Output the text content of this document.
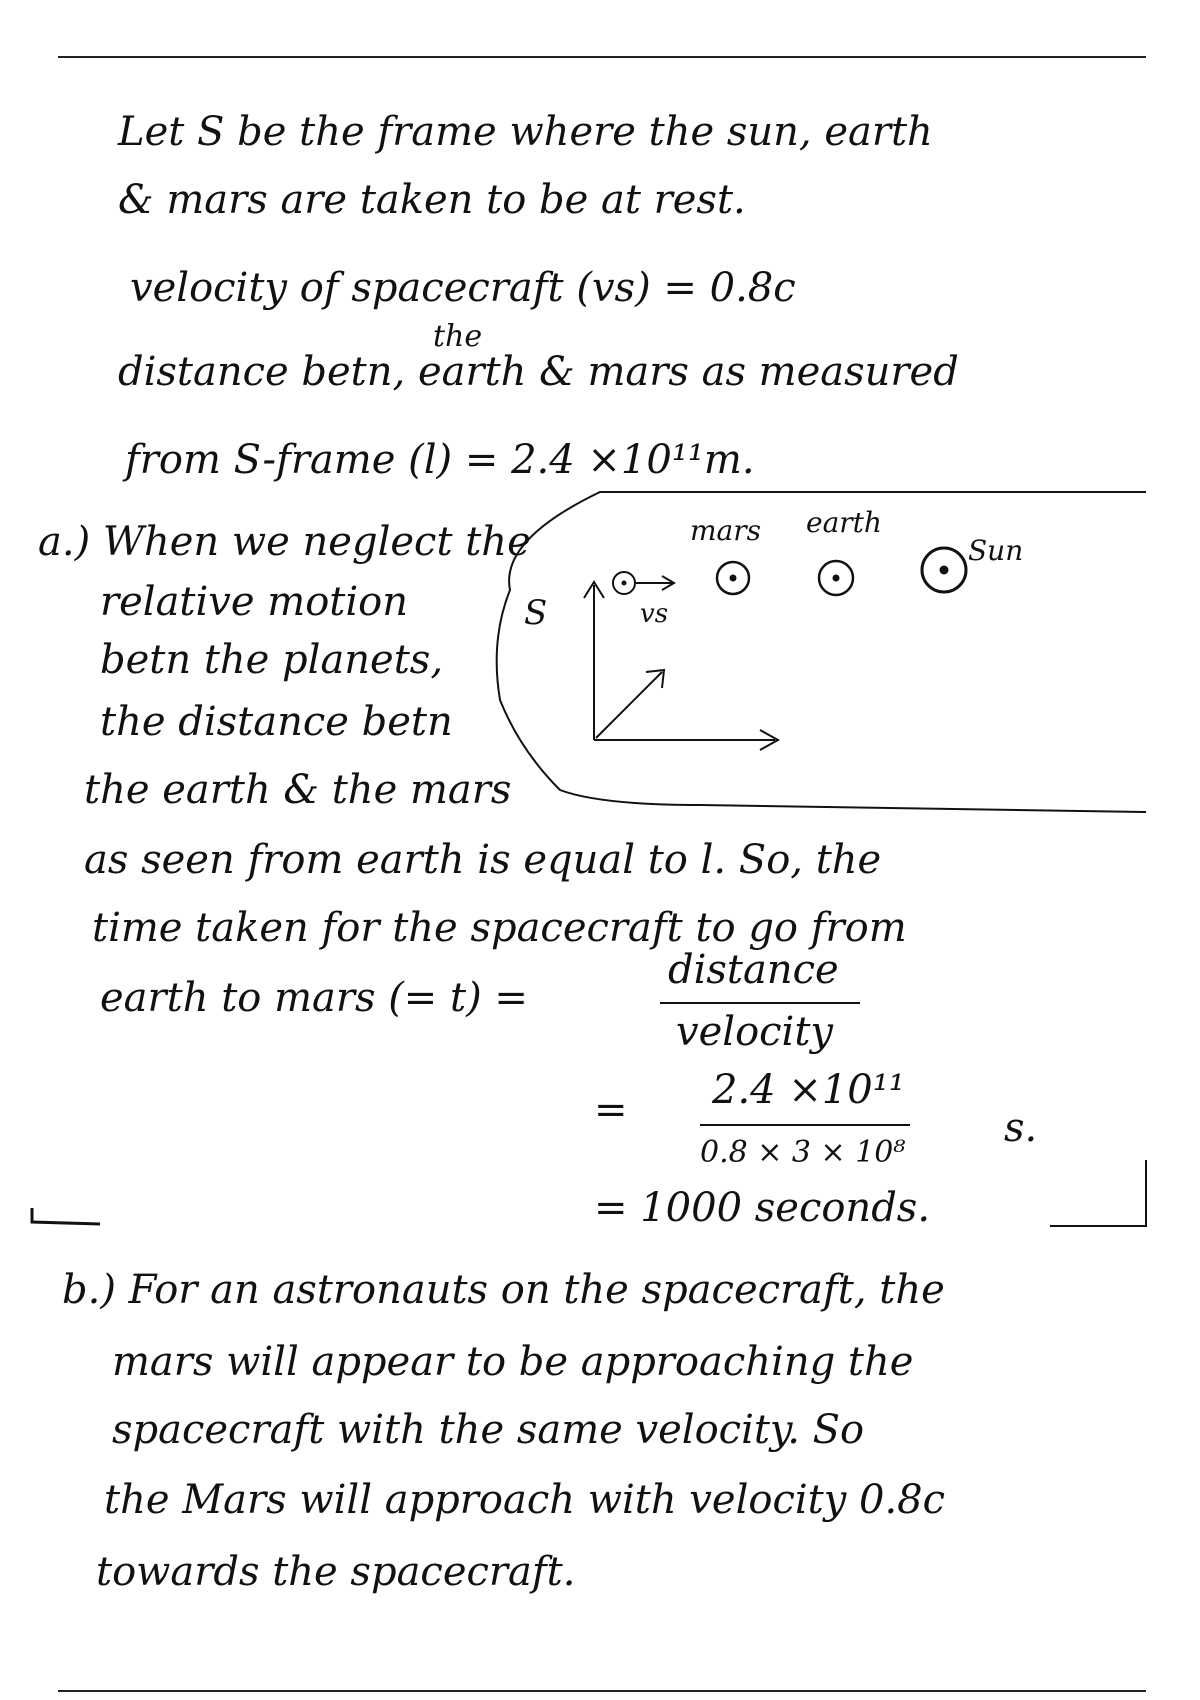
Let S be the frame where the sun, earth
& mars are taken to be at rest.
velocity of spacecraft (vs) = 0.8c
the
distance betn, earth & mars as measured
from S-frame (l) = 2.4 ×10¹¹m.
a.) When we neglect the
relative motion
betn the planets,
the distance betn
the earth & the mars
as seen from earth is equal to l. So, the
time taken for the spacecraft to go from
earth to mars (= t) =
distance
velocity
= 2.4 ×10¹¹
0.8 × 3 × 10⁸
s.
= 1000 seconds.
b.) For an astronauts on the spacecraft, the
mars will appear to be approaching the
spacecraft with the same velocity. So
the Mars will approach with velocity 0.8c
towards the spacecraft.
S	vs
mars earth
Sun
